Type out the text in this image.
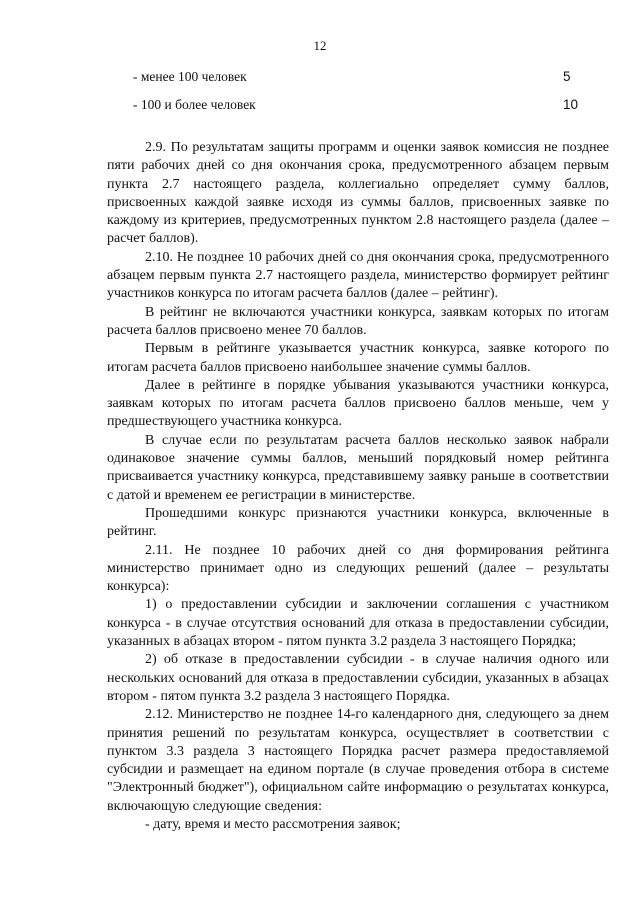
12
- менее 100 человек	5
- 100 и более человек	10

2.9. По результатам защиты программ и оценки заявок комиссия не позднее пяти рабочих дней со дня окончания срока, предусмотренного абзацем первым пункта 2.7 настоящего раздела, коллегиально определяет сумму баллов, присвоенных каждой заявке исходя из суммы баллов, присвоенных заявке по каждому из критериев, предусмотренных пунктом 2.8 настоящего раздела (далее – расчет баллов).

2.10. Не позднее 10 рабочих дней со дня окончания срока, предусмотренного абзацем первым пункта 2.7 настоящего раздела, министерство формирует рейтинг участников конкурса по итогам расчета баллов (далее – рейтинг).

В рейтинг не включаются участники конкурса, заявкам которых по итогам расчета баллов присвоено менее 70 баллов.

Первым в рейтинге указывается участник конкурса, заявке которого по итогам расчета баллов присвоено наибольшее значение суммы баллов.

Далее в рейтинге в порядке убывания указываются участники конкурса, заявкам которых по итогам расчета баллов присвоено баллов меньше, чем у предшествующего участника конкурса.

В случае если по результатам расчета баллов несколько заявок набрали одинаковое значение суммы баллов, меньший порядковый номер рейтинга присваивается участнику конкурса, представившему заявку раньше в соответствии с датой и временем ее регистрации в министерстве.

Прошедшими конкурс признаются участники конкурса, включенные в рейтинг.

2.11. Не позднее 10 рабочих дней со дня формирования рейтинга министерство принимает одно из следующих решений (далее – результаты конкурса):

1) о предоставлении субсидии и заключении соглашения с участником конкурса - в случае отсутствия оснований для отказа в предоставлении субсидии, указанных в абзацах втором - пятом пункта 3.2 раздела 3 настоящего Порядка;

2) об отказе в предоставлении субсидии - в случае наличия одного или нескольких оснований для отказа в предоставлении субсидии, указанных в абзацах втором - пятом пункта 3.2 раздела 3 настоящего Порядка.

2.12. Министерство не позднее 14-го календарного дня, следующего за днем принятия решений по результатам конкурса, осуществляет в соответствии с пунктом 3.3 раздела 3 настоящего Порядка расчет размера предоставляемой субсидии и размещает на едином портале (в случае проведения отбора в системе "Электронный бюджет"), официальном сайте информацию о результатах конкурса, включающую следующие сведения:

- дату, время и место рассмотрения заявок;
